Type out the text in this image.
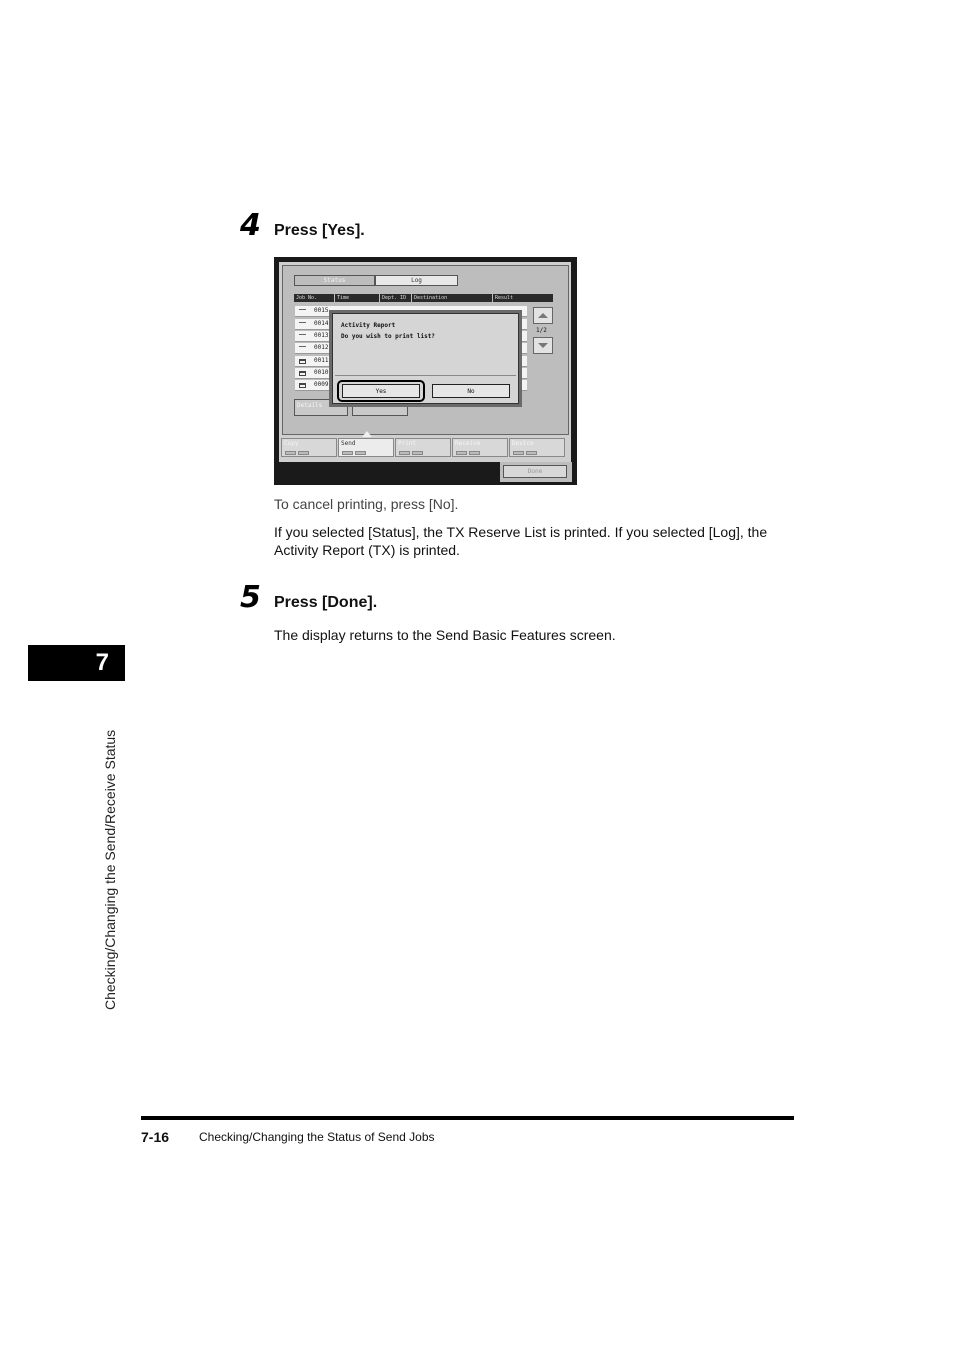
4 Press [Yes].
Status	Log
Job No.	Time	Dept. ID	Destination	Result
0015
0014
0013
0012
0011
0010
0009
1/2
Details
Activity Report
Do you wish to print list?
Yes	No
Copy	Send	Print	Receive	Device
Done
To cancel printing, press [No].
If you selected [Status], the TX Reserve List is printed. If you selected [Log], the
Activity Report (TX) is printed.
5 Press [Done].
The display returns to the Send Basic Features screen.
7
Checking/Changing the Send/Receive Status
7-16 Checking/Changing the Status of Send Jobs
